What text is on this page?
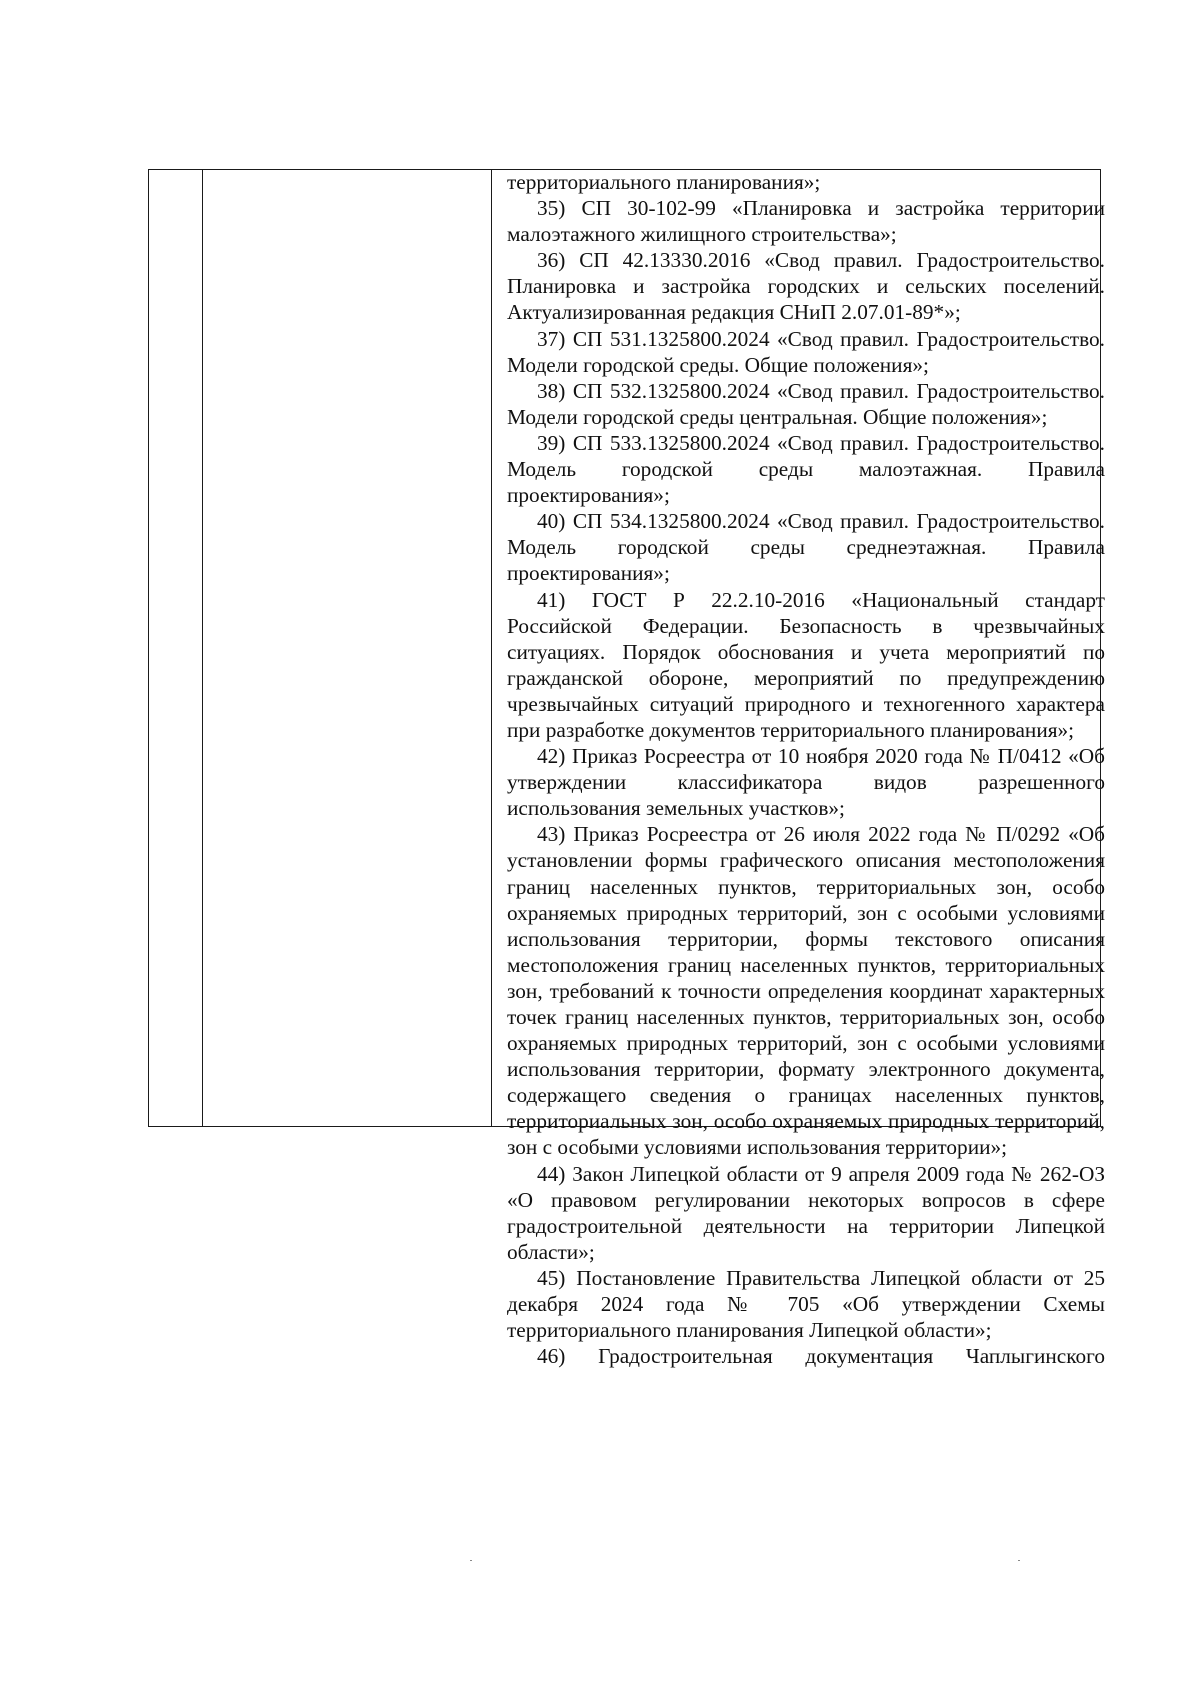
территориального планирования»;

35) СП 30-102-99 «Планировка и застройка территории малоэтажного жилищного строительства»;

36) СП 42.13330.2016 «Свод правил. Градостроительство. Планировка и застройка городских и сельских поселений. Актуализированная редакция СНиП 2.07.01-89*»;

37) СП 531.1325800.2024 «Свод правил. Градостроительство. Модели городской среды. Общие положения»;

38) СП 532.1325800.2024 «Свод правил. Градостроительство. Модели городской среды центральная. Общие положения»;

39) СП 533.1325800.2024 «Свод правил. Градостроительство. Модель городской среды малоэтажная. Правила проектирования»;

40) СП 534.1325800.2024 «Свод правил. Градостроительство. Модель городской среды среднеэтажная. Правила проектирования»;

41) ГОСТ Р 22.2.10-2016 «Национальный стандарт Российской Федерации. Безопасность в чрезвычайных ситуациях. Порядок обоснования и учета мероприятий по гражданской обороне, мероприятий по предупреждению чрезвычайных ситуаций природного и техногенного характера при разработке документов территориального планирования»;

42) Приказ Росреестра от 10 ноября 2020 года № П/0412 «Об утверждении классификатора видов разрешенного использования земельных участков»;

43) Приказ Росреестра от 26 июля 2022 года № П/0292 «Об установлении формы графического описания местоположения границ населенных пунктов, территориальных зон, особо охраняемых природных территорий, зон с особыми условиями использования территории, формы текстового описания местоположения границ населенных пунктов, территориальных зон, требований к точности определения координат характерных точек границ населенных пунктов, территориальных зон, особо охраняемых природных территорий, зон с особыми условиями использования территории, формату электронного документа, содержащего сведения о границах населенных пунктов, территориальных зон, особо охраняемых природных территорий, зон с особыми условиями использования территории»;

44) Закон Липецкой области от 9 апреля 2009 года № 262-ОЗ «О правовом регулировании некоторых вопросов в сфере градостроительной деятельности на территории Липецкой области»;

45) Постановление Правительства Липецкой области от 25 декабря 2024 года № 705 «Об утверждении Схемы территориального планирования Липецкой области»;

46) Градостроительная документация Чаплыгинского
